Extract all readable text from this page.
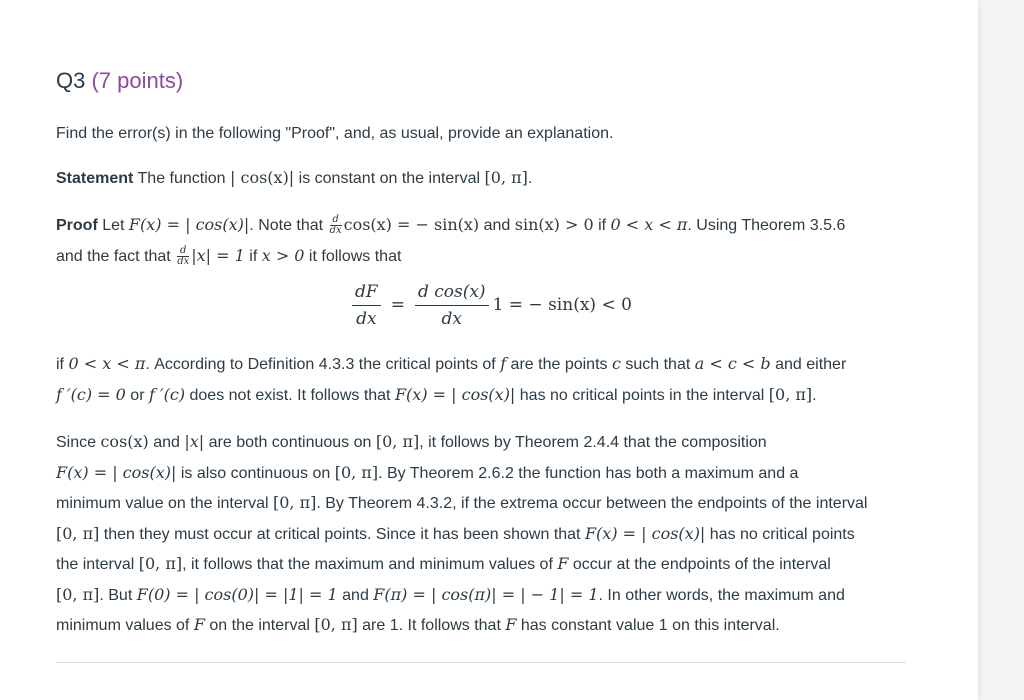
Q3 (7 points)

Find the error(s) in the following "Proof", and, as usual, provide an explanation.

Statement The function | cos(x)| is constant on the interval [0, π].

Proof Let F(x) = | cos(x)|. Note that $\frac{d}{dx} \cos(x)$ = − sin(x) and sin(x) > 0 if 0 < x < π. Using Theorem 3.5.6
and the fact that $\frac{d}{dx} |x| = 1$ if x > 0 it follows that

$\frac{dF}{dx} = \frac{\text{d cos(x)}}{dx} 1$ = − sin(x) < 0

if 0 < x < π. According to Definition 4.3.3 the critical points of f are the points c such that a < c < b and either
f ′(c) = 0 or f ′(c) does not exist. It follows that F(x) = | cos(x)| has no critical points in the interval [0, π].

Since cos(x) and |x| are both continuous on [0, π], it follows by Theorem 2.4.4 that the composition
F(x) = | cos(x)| is also continuous on [0, π]. By Theorem 2.6.2 the function has both a maximum and a
minimum value on the interval [0, π]. By Theorem 4.3.2, if the extrema occur between the endpoints of the interval
[0, π] then they must occur at critical points. Since it has been shown that F(x) = | cos(x)| has no critical points
the interval [0, π], it follows that the maximum and minimum values of F occur at the endpoints of the interval
[0, π]. But F(0) = | cos(0)| = |1| = 1 and F(π) = | cos(π)| = | − 1| = 1. In other words, the maximum and
minimum values of F on the interval [0, π] are 1. It follows that F has constant value 1 on this interval.
